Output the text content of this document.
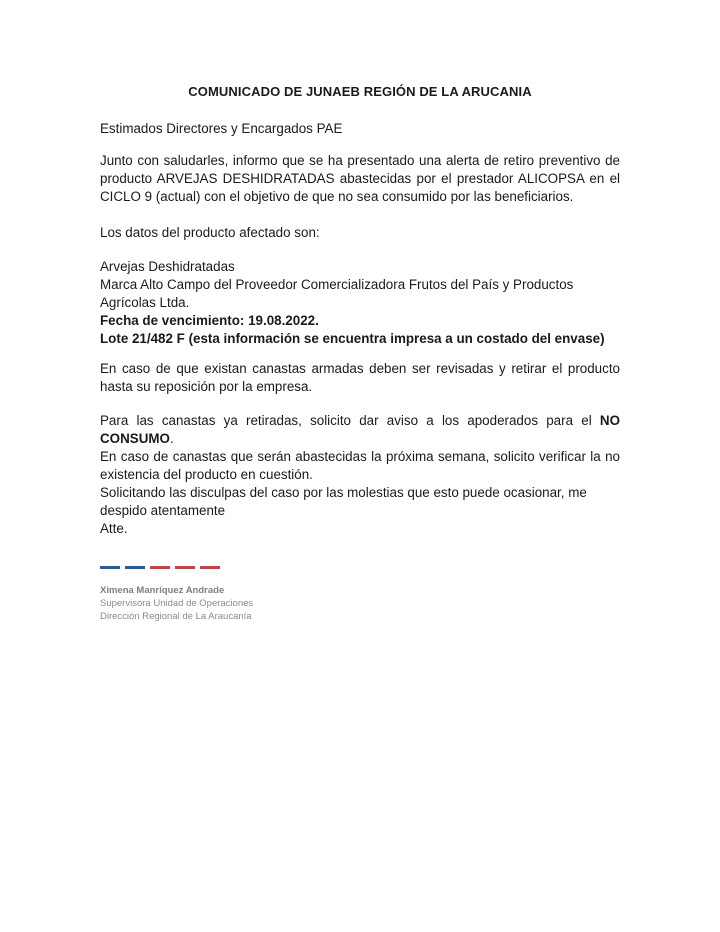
COMUNICADO DE JUNAEB REGIÓN DE LA ARUCANIA
Estimados Directores y Encargados PAE
Junto con saludarles, informo que se ha presentado una alerta de retiro preventivo de producto ARVEJAS DESHIDRATADAS abastecidas por el prestador ALICOPSA en el CICLO 9 (actual) con el objetivo de que no sea consumido por las beneficiarios.
Los datos del producto afectado son:
Arvejas Deshidratadas
Marca Alto Campo del Proveedor Comercializadora Frutos del País y Productos
Agrícolas Ltda.
Fecha de vencimiento: 19.08.2022.
Lote 21/482 F (esta información se encuentra impresa a un costado del envase)
En caso de que existan canastas armadas deben ser revisadas y retirar el producto hasta su reposición por la empresa.
Para las canastas ya retiradas, solicito dar aviso a los apoderados para el NO CONSUMO.
En caso de canastas que serán abastecidas la próxima semana, solicito verificar la no existencia del producto en cuestión.
Solicitando las disculpas del caso por las molestias que esto puede ocasionar, me despido atentamente
Atte.
Ximena Manríquez Andrade
Supervisora Unidad de Operaciones
Dirección Regional de La Araucanía
